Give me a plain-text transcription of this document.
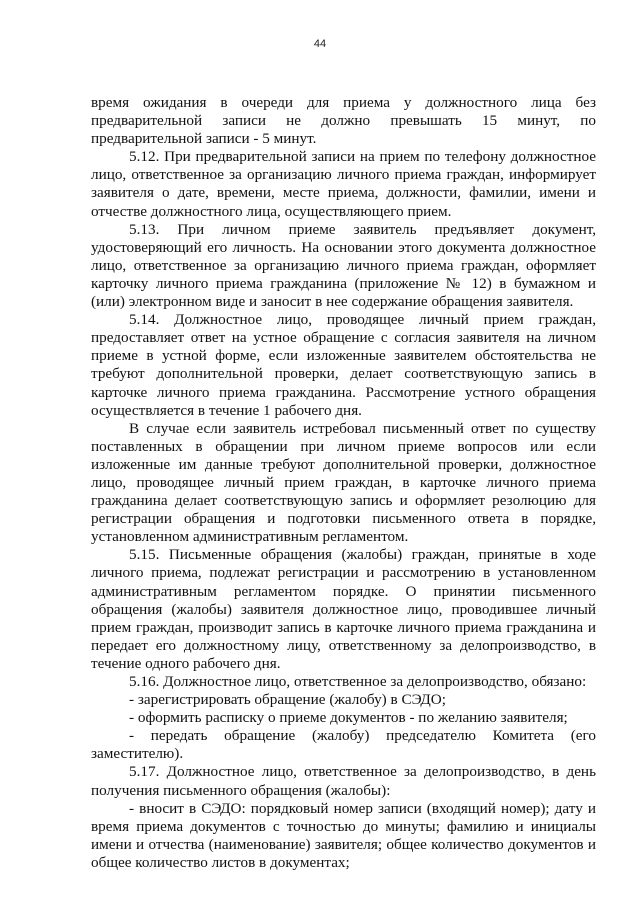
44

время ожидания в очереди для приема у должностного лица без предварительной записи не должно превышать 15 минут, по предварительной записи - 5 минут.

5.12. При предварительной записи на прием по телефону должностное лицо, ответственное за организацию личного приема граждан, информирует заявителя о дате, времени, месте приема, должности, фамилии, имени и отчестве должностного лица, осуществляющего прием.

5.13. При личном приеме заявитель предъявляет документ, удостоверяющий его личность. На основании этого документа должностное лицо, ответственное за организацию личного приема граждан, оформляет карточку личного приема гражданина (приложение № 12) в бумажном и (или) электронном виде и заносит в нее содержание обращения заявителя.

5.14. Должностное лицо, проводящее личный прием граждан, предоставляет ответ на устное обращение с согласия заявителя на личном приеме в устной форме, если изложенные заявителем обстоятельства не требуют дополнительной проверки, делает соответствующую запись в карточке личного приема гражданина. Рассмотрение устного обращения осуществляется в течение 1 рабочего дня.

В случае если заявитель истребовал письменный ответ по существу поставленных в обращении при личном приеме вопросов или если изложенные им данные требуют дополнительной проверки, должностное лицо, проводящее личный прием граждан, в карточке личного приема гражданина делает соответствующую запись и оформляет резолюцию для регистрации обращения и подготовки письменного ответа в порядке, установленном административным регламентом.

5.15. Письменные обращения (жалобы) граждан, принятые в ходе личного приема, подлежат регистрации и рассмотрению в установленном административным регламентом порядке. О принятии письменного обращения (жалобы) заявителя должностное лицо, проводившее личный прием граждан, производит запись в карточке личного приема гражданина и передает его должностному лицу, ответственному за делопроизводство, в течение одного рабочего дня.

5.16. Должностное лицо, ответственное за делопроизводство, обязано:

- зарегистрировать обращение (жалобу) в СЭДО;

- оформить расписку о приеме документов - по желанию заявителя;

- передать обращение (жалобу) председателю Комитета (его заместителю).

5.17. Должностное лицо, ответственное за делопроизводство, в день получения письменного обращения (жалобы):

- вносит в СЭДО: порядковый номер записи (входящий номер); дату и время приема документов с точностью до минуты; фамилию и инициалы имени и отчества (наименование) заявителя; общее количество документов и общее количество листов в документах;
